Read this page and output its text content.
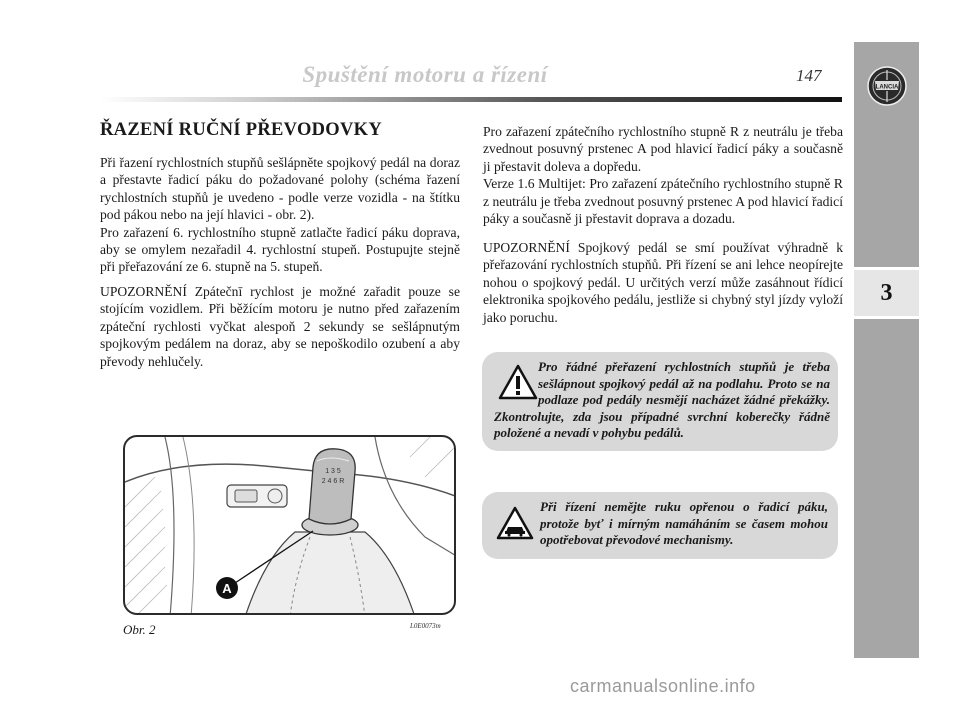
Spuštění motoru a řízení	147
LANCIA
3
ŘAZENÍ RUČNÍ PŘEVODOVKY

Při řazení rychlostních stupňů sešlápněte spojkový pedál na doraz a přestavte řadicí páku do požadované polohy (schéma řazení rychlostních stupňů je uvedeno - podle verze vozidla - na štítku pod pákou nebo na její hlavici - obr. 2).

Pro zařazení 6. rychlostního stupně zatlačte řadicí páku doprava, aby se omylem nezařadil 4. rychlostní stupeň. Postupujte stejně při přeřazování ze 6. stupně na 5. stupeň.

UPOZORNĚNÍ Zpátečnī rychlost je možné zařadit pouze se stojícím vozidlem. Při běžícím motoru je nutno před zařazením zpáteční rychlosti vyčkat alespoň 2 sekundy se sešlápnutým spojkovým pedálem na doraz, aby se nepoškodilo ozubení a aby převody nehlučely.

1 3 5
2 4 6 R
A
Obr. 2	L0E0073m

Pro zařazení zpátečního rychlostního stupně R z neutrálu je třeba zvednout posuvný prstenec A pod hlavicí řadicí páky a současně ji přestavit doleva a dopředu.

Verze 1.6 Multijet: Pro zařazení zpátečního rychlostního stupně R z neutrálu je třeba zvednout posuvný prstenec A pod hlavicí řadicí páky a současně ji přestavit doprava a dozadu.

UPOZORNĚNÍ Spojkový pedál se smí používat výhradně k přeřazování rychlostních stupňů. Při řízení se ani lehce neopírejte nohou o spojkový pedál. U určitých verzí může zasáhnout řídicí elektronika spojkového pedálu, jestliže si chybný styl jízdy vyloží jako poruchu.

Pro řádné přeřazení rychlostních stupňů je třeba sešlápnout spojkový pedál až na podlahu. Proto se na podlaze pod pedály nesmějí nacházet žádné překážky. Zkontrolujte, zda jsou případné svrchní koberečky řádně položené a nevadí v pohybu pedálů.
Při řízení nemějte ruku opřenou o řadicí páku, protože byť i mírným namáháním se časem mohou opotřebovat převodové mechanismy.
carmanualsonline.info
